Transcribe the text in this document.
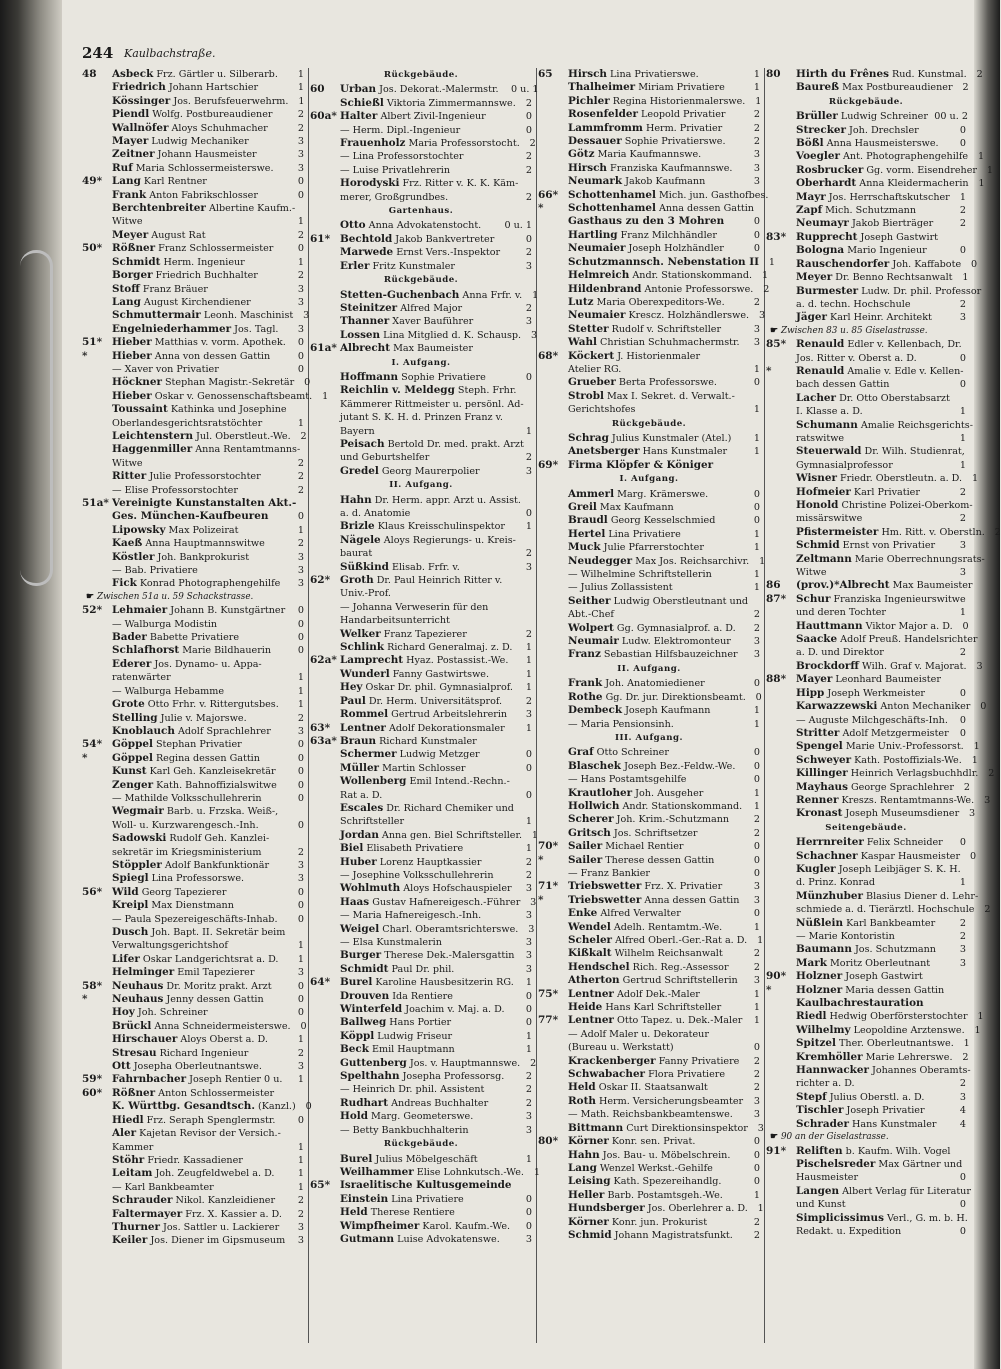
244 Kaulbachstraße.
48	Asbeck Frz. Gärtler u. Silberarb.	1
Friedrich Johann Hartschier	1
Kössinger Jos. Berufsfeuerwehrm.	1
Piendl Wolfg. Postbureaudiener	2
Wallnöfer Aloys Schuhmacher	2
Mayer Ludwig Mechaniker	3
Zeitner Johann Hausmeister	3
Ruf Maria Schlossermeisterswe.	3
49* Lang Karl Rentner	0
Frank Anton Fabrikschlosser	0
Berchtenbreiter Albertine Kaufm.-
Witwe	1
Meyer August Rat	2
50* Rößner Franz Schlossermeister	0
Schmidt Herm. Ingenieur	1
Borger Friedrich Buchhalter	2
Stoff Franz Bräuer	3
Lang August Kirchendiener	3
Schmuttermair Leonh. Maschinist	3
Engelniederhammer Jos. Tagl.	3
51* Hieber Matthias v. vorm. Apothek.	0
*	Hieber Anna von dessen Gattin	0
— Xaver von Privatier	0
Höckner Stephan Magistr.-Sekretär	0
Hieber Oskar v. Genossenschaftsbeamt.	1
Toussaint Kathinka und Josephine
Oberlandesgerichtsratstöchter	1
Leichtenstern Jul. Oberstleut.-We.	2
Haggenmiller Anna Rentamtmanns-
Witwe	2
Ritter Julie Professorstochter	2
— Elise Professorstochter	2
51a* Vereinigte Kunstanstalten Akt.-
Ges. München-Kaufbeuren	0
Lipowsky Max Polizeirat	1
Kaeß Anna Hauptmannswitwe	2
Köstler Joh. Bankprokurist	3
— Bab. Privatiere	3
Fick Konrad Photographengehilfe	3
☛ Zwischen 51a u. 59 Schackstrasse.
52* Lehmaier Johann B. Kunstgärtner	0
— Walburga Modistin	0
Bader Babette Privatiere	0
Schlafhorst Marie Bildhauerin	0
Ederer Jos. Dynamo- u. Appa-
ratenwärter	1
— Walburga Hebamme	1
Grote Otto Frhr. v. Rittergutsbes.	1
Stelling Julie v. Majorswe.	2
Knoblauch Adolf Sprachlehrer	3
54* Göppel Stephan Privatier	0
*	Göppel Regina dessen Gattin	0
Kunst Karl Geh. Kanzleisekretär	0
Zenger Kath. Bahnoffizialswitwe	0
— Mathilde Volksschullehrerin	0
Wegmair Barb. u. Frzska. Weiß-,
Woll- u. Kurzwarengesch.-Inh.	0
Sadowski Rudolf Geh. Kanzlei-
sekretär im Kriegsministerium	2
Stöppler Adolf Bankfunktionär	3
Spiegl Lina Professorswe.	3
56* Wild Georg Tapezierer	0
Kreipl Max Dienstmann	0
— Paula Spezereigeschäfts-Inhab.	0
Dusch Joh. Bapt. II. Sekretär beim
Verwaltungsgerichtshof	1
Lifer Oskar Landgerichtsrat a. D.	1
Helminger Emil Tapezierer	3
58* Neuhaus Dr. Moritz prakt. Arzt	0
*	Neuhaus Jenny dessen Gattin	0
Hoy Joh. Schreiner	0
Brückl Anna Schneidermeisterswe.	0
Hirschauer Aloys Oberst a. D.	1
Stresau Richard Ingenieur	2
Ott Josepha Oberleutnantswe.	3
59* Fahrnbacher Joseph Rentier 0 u.	1
60* Rößner Anton Schlossermeister
K. Württbg. Gesandtsch. (Kanzl.)	0
Hiedl Frz. Seraph Spenglermstr.	0
Aler Kajetan Revisor der Versich.-
Kammer	1
Stöhr Friedr. Kassadiener	1
Leitam Joh. Zeugfeldwebel a. D.	1
— Karl Bankbeamter	1
Schrauder Nikol. Kanzleidiener	2
Faltermayer Frz. X. Kassier a. D.	2
Thurner Jos. Sattler u. Lackierer	3
Keiler Jos. Diener im Gipsmuseum	3
Rückgebäude.
60	Urban Jos. Dekorat.-Malermstr.	0 u. 1
Schießl Viktoria Zimmermannswe.	2
60a* Halter Albert Zivil-Ingenieur	0
— Herm. Dipl.-Ingenieur	0
Frauenholz Maria Professorstocht.	2
— Lina Professorstochter	2
— Luise Privatlehrerin	2
Horodyski Frz. Ritter v. K. K. Käm-
merer, Großgrundbes.	2
Gartenhaus.
Otto Anna Advokatenstocht.	0 u. 1
61* Bechtold Jakob Bankvertreter	0
Marwede Ernst Vers.-Inspektor	2
Erler Fritz Kunstmaler	3
Rückgebäude.
Stetten-Guchenbach Anna Frfr. v.	1
Steinitzer Alfred Major	2
Thanner Xaver Bauführer	3
Lossen Lina Mitglied d. K. Schausp.	3
61a* Albrecht Max Baumeister
I. Aufgang.
Hoffmann Sophie Privatiere	0
Reichlin v. Meldegg Steph. Frhr.
Kämmerer Rittmeister u. persönl. Ad-
jutant S. K. H. d. Prinzen Franz v.
Bayern	1
Peisach Bertold Dr. med. prakt. Arzt
und Geburtshelfer	2
Gredel Georg Maurerpolier	3
II. Aufgang.
Hahn Dr. Herm. appr. Arzt u. Assist.
a. d. Anatomie	0
Brizle Klaus Kreisschulinspektor	1
Nägele Aloys Regierungs- u. Kreis-
baurat	2
Süßkind Elisab. Frfr. v.	3
62* Groth Dr. Paul Heinrich Ritter v.
Univ.-Prof.
— Johanna Verweserin für den
Handarbeitsunterricht
Welker Franz Tapezierer	2
Schlink Richard Generalmaj. z. D.	1
62a* Lamprecht Hyaz. Postassist.-We.	1
Wunderl Fanny Gastwirtswe.	1
Hey Oskar Dr. phil. Gymnasialprof.	1
Paul Dr. Herm. Universitätsprof.	2
Rommel Gertrud Arbeitslehrerin	3
63* Lentner Adolf Dekorationsmaler	1
63a* Braun Richard Kunstmaler
Schermer Ludwig Metzger	0
Müller Martin Schlosser	0
Wollenberg Emil Intend.-Rechn.-
Rat a. D.	0
Escales Dr. Richard Chemiker und
Schriftsteller	1
Jordan Anna gen. Biel Schriftsteller.	1
Biel Elisabeth Privatiere	1
Huber Lorenz Hauptkassier	2
— Josephine Volksschullehrerin	2
Wohlmuth Aloys Hofschauspieler	3
Haas Gustav Hafnereigesch.-Führer	3
— Maria Hafnereigesch.-Inh.	3
Weigel Charl. Oberamtsrichterswe.	3
— Elsa Kunstmalerin	3
Burger Therese Dek.-Malersgattin	3
Schmidt Paul Dr. phil.	3
64* Burel Karoline Hausbesitzerin RG.	1
Drouven Ida Rentiere	0
Winterfeld Joachim v. Maj. a. D.	0
Ballweg Hans Portier	0
Köppl Ludwig Friseur	1
Beck Emil Hauptmann	1
Guttenberg Jos. v. Hauptmannswe.	2
Spelthahn Josepha Professorsg.	2
— Heinrich Dr. phil. Assistent	2
Rudhart Andreas Buchhalter	2
Hold Marg. Geometerswe.	3
— Betty Bankbuchhalterin	3
Rückgebäude.
Burel Julius Möbelgeschäft	1
Weilhammer Elise Lohnkutsch.-We.	1
65* Israelitische Kultusgemeinde
Einstein Lina Privatiere	0
Held Therese Rentiere	0
Wimpfheimer Karol. Kaufm.-We.	0
Gutmann Luise Advokatenswe.	3
65	Hirsch Lina Privatierswe.	1
Thalheimer Miriam Privatiere	1
Pichler Regina Historienmalerswe.	1
Rosenfelder Leopold Privatier	2
Lammfromm Herm. Privatier	2
Dessauer Sophie Privatierswe.	2
Götz Maria Kaufmannswe.	3
Hirsch Franziska Kaufmannswe.	3
Neumark Jakob Kaufmann	3
66* Schottenhamel Mich. jun. Gasthofbes.
*	Schottenhamel Anna dessen Gattin
Gasthaus zu den 3 Mohren	0
Hartling Franz Milchhändler	0
Neumaier Joseph Holzhändler	0
Schutzmannsch. Nebenstation II	1
Helmreich Andr. Stationskommand.	1
Hildenbrand Antonie Professorswe.	2
Lutz Maria Oberexpeditors-We.	2
Neumaier Krescz. Holzhändlerswe.	3
Stetter Rudolf v. Schriftsteller	3
Wahl Christian Schuhmachermstr.	3
68* Köckert J. Historienmaler
Atelier RG.	1
Grueber Berta Professorswe.	0
Strobl Max I. Sekret. d. Verwalt.-
Gerichtshofes	1
Rückgebäude.
Schrag Julius Kunstmaler (Atel.)	1
Anetsberger Hans Kunstmaler	1
69* Firma Klöpfer & Königer
I. Aufgang.
Ammerl Marg. Krämerswe.	0
Greil Max Kaufmann	0
Braudl Georg Kesselschmied	0
Hertel Lina Privatiere	1
Muck Julie Pfarrerstochter	1
Neudegger Max Jos. Reichsarchivr.	1
— Wilhelmine Schriftstellerin	1
— Julius Zollassistent	1
Seither Ludwig Oberstleutnant und
Abt.-Chef	2
Wolpert Gg. Gymnasialprof. a. D.	2
Neumair Ludw. Elektromonteur	3
Franz Sebastian Hilfsbauzeichner	3
II. Aufgang.
Frank Joh. Anatomiediener	0
Rothe Gg. Dr. jur. Direktionsbeamt.	0
Dembeck Joseph Kaufmann	1
— Maria Pensionsinh.	1
III. Aufgang.
Graf Otto Schreiner	0
Blaschek Joseph Bez.-Feldw.-We.	0
— Hans Postamtsgehilfe	0
Krautloher Joh. Ausgeher	1
Hollwich Andr. Stationskommand.	1
Scherer Joh. Krim.-Schutzmann	2
Gritsch Jos. Schriftsetzer	2
70* Sailer Michael Rentier	0
*	Sailer Therese dessen Gattin	0
— Franz Bankier	0
71* Triebswetter Frz. X. Privatier	3
*	Triebswetter Anna dessen Gattin	3
Enke Alfred Verwalter	0
Wendel Adelh. Rentamtm.-We.	1
Scheler Alfred Oberl.-Ger.-Rat a. D.	1
Kißkalt Wilhelm Reichsanwalt	2
Hendschel Rich. Reg.-Assessor	2
Atherton Gertrud Schriftstellerin	3
75* Lentner Adolf Dek.-Maler	1
Heide Hans Karl Schriftsteller	1
77* Lentner Otto Tapez. u. Dek.-Maler	1
— Adolf Maler u. Dekorateur
(Bureau u. Werkstatt)	0
Krackenberger Fanny Privatiere	2
Schwabacher Flora Privatiere	2
Held Oskar II. Staatsanwalt	2
Roth Herm. Versicherungsbeamter	3
— Math. Reichsbankbeamtenswe.	3
Bittmann Curt Direktionsinspektor	3
80* Körner Konr. sen. Privat.	0
Hahn Jos. Bau- u. Möbelschrein.	0
Lang Wenzel Werkst.-Gehilfe	0
Leising Kath. Spezereihandlg.	0
Heller Barb. Postamtsgeh.-We.	1
Hundsberger Jos. Oberlehrer a. D.	1
Körner Konr. jun. Prokurist	2
Schmid Johann Magistratsfunkt.	2
80	Hirth du Frênes Rud. Kunstmal.	2
Baureß Max Postbureaudiener	2
Rückgebäude.
Brüller Ludwig Schreiner 00 u. 2
Strecker Joh. Drechsler	0
Bößl Anna Hausmeisterswe.	0
Voegler Ant. Photographengehilfe	1
Rosbrucker Gg. vorm. Eisendreher	1
Oberhardt Anna Kleidermacherin	1
Mayr Jos. Herrschaftskutscher	1
Zapf Mich. Schutzmann	2
Neumayr Jakob Bierträger	2
83* Rupprecht Joseph Gastwirt
Bologna Mario Ingenieur	0
Rauschendorfer Joh. Kaffabote	0
Meyer Dr. Benno Rechtsanwalt	1
Burmester Ludw. Dr. phil. Professor
a. d. techn. Hochschule	2
Jäger Karl Heinr. Architekt	3
☛ Zwischen 83 u. 85 Giselastrasse.
85* Renauld Edler v. Kellenbach, Dr.
Jos. Ritter v. Oberst a. D.	0
*	Renauld Amalie v. Edle v. Kellen-
bach dessen Gattin	0
Lacher Dr. Otto Oberstabsarzt
I. Klasse a. D.	1
Schumann Amalie Reichsgerichts-
ratswitwe	1
Steuerwald Dr. Wilh. Studienrat,
Gymnasialprofessor	1
Wisner Friedr. Oberstleutn. a. D.	1
Hofmeier Karl Privatier	2
Honold Christine Polizei-Oberkom-
missärswitwe	2
Pfistermeister Hm. Ritt. v. Oberstln.	2
Schmid Ernst von Privatier	3
Zeltmann Marie Oberrechnungsrats-
Witwe	3
86	(prov.)*Albrecht Max Baumeister
87* Schur Franziska Ingenieurswitwe
und deren Tochter	1
Hauttmann Viktor Major a. D.	0
Saacke Adolf Preuß. Handelsrichter
a. D. und Direktor	2
Brockdorff Wilh. Graf v. Majorat.	3
88* Mayer Leonhard Baumeister
Hipp Joseph Werkmeister	0
Karwazzewski Anton Mechaniker	0
— Auguste Milchgeschäfts-Inh.	0
Stritter Adolf Metzgermeister	0
Spengel Marie Univ.-Professorst.	1
Schweyer Kath. Postoffizials-We.	1
Killinger Heinrich Verlagsbuchhdlr.	2
Mayhaus George Sprachlehrer	2
Renner Kreszs. Rentamtmanns-We.	3
Kronast Joseph Museumsdiener	3
Seitengebäude.
Herrnreiter Felix Schneider	0
Schachner Kaspar Hausmeister	0
Kugler Joseph Leibjäger S. K. H.
d. Prinz. Konrad	1
Münzhuber Blasius Diener d. Lehr-
schmiede a. d. Tierärztl. Hochschule	2
Nüßlein Karl Bankbeamter	2
— Marie Kontoristin	2
Baumann Jos. Schutzmann	3
Mark Moritz Oberleutnant	3
90* Holzner Joseph Gastwirt
*	Holzner Maria dessen Gattin
Kaulbachrestauration
Riedl Hedwig Oberförsterstochter	1
Wilhelmy Leopoldine Arztenswe.	1
Spitzel Ther. Oberleutnantswe.	1
Kremhöller Marie Lehrerswe.	2
Hannwacker Johannes Oberamts-
richter a. D.	2
Stepf Julius Oberstl. a. D.	3
Tischler Joseph Privatier	4
Schrader Hans Kunstmaler	4
☛ 90 an der Giselastrasse.
91* Reliften b. Kaufm. Wilh. Vogel
Pischelsreder Max Gärtner und
Hausmeister	0
Langen Albert Verlag für Literatur
und Kunst	0
Simplicissimus Verl., G. m. b. H.
Redakt. u. Expedition	0
